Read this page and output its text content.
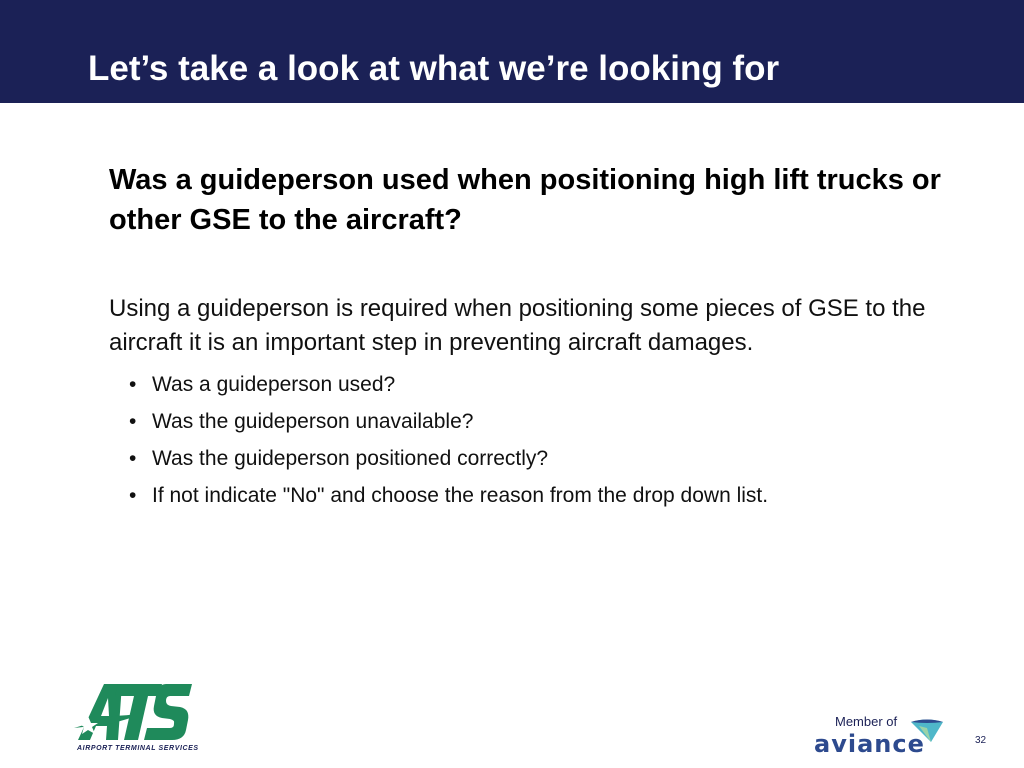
Let’s take a look at what we’re looking for

Was a guideperson used when positioning high lift trucks or other GSE to the aircraft?

Using a guideperson is required when positioning some pieces of GSE to the aircraft it is an important step in preventing aircraft damages.

• Was a guideperson used?
• Was the guideperson unavailable?
• Was the guideperson positioned correctly?
• If not indicate "No" and choose the reason from the drop down list.
AIRPORT TERMINAL SERVICES
Member of
aviance	32
